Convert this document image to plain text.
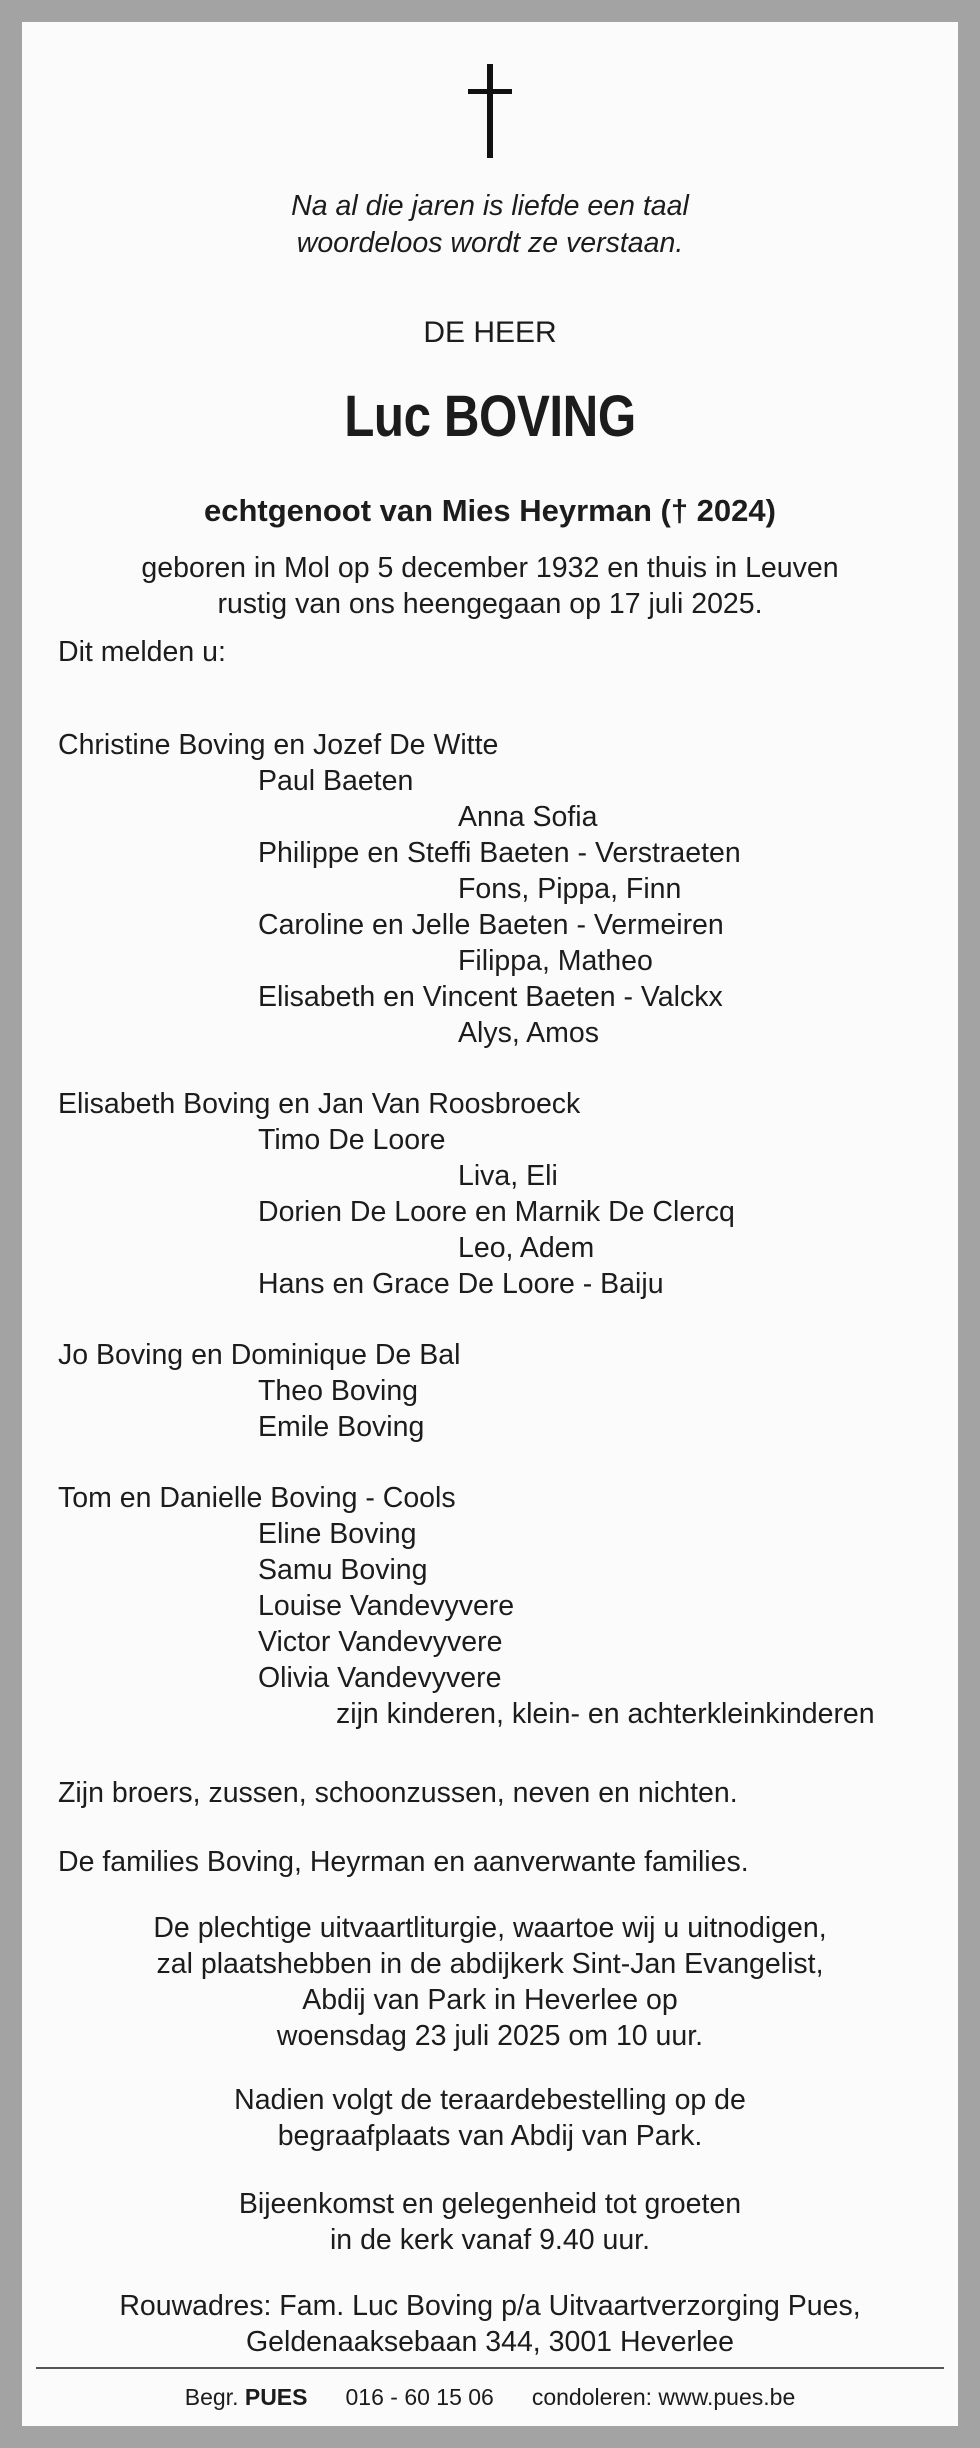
Na al die jaren is liefde een taal
woordeloos wordt ze verstaan.
DE HEER
Luc BOVING
echtgenoot van Mies Heyrman († 2024)
geboren in Mol op 5 december 1932 en thuis in Leuven
rustig van ons heengegaan op 17 juli 2025.
Dit melden u:
Christine Boving en Jozef De Witte
Paul Baeten
Anna Sofia
Philippe en Steffi Baeten - Verstraeten
Fons, Pippa, Finn
Caroline en Jelle Baeten - Vermeiren
Filippa, Matheo
Elisabeth en Vincent Baeten - Valckx
Alys, Amos
Elisabeth Boving en Jan Van Roosbroeck
Timo De Loore
Liva, Eli
Dorien De Loore en Marnik De Clercq
Leo, Adem
Hans en Grace De Loore - Baiju
Jo Boving en Dominique De Bal
Theo Boving
Emile Boving
Tom en Danielle Boving - Cools
Eline Boving
Samu Boving
Louise Vandevyvere
Victor Vandevyvere
Olivia Vandevyvere
zijn kinderen, klein- en achterkleinkinderen
Zijn broers, zussen, schoonzussen, neven en nichten.
De families Boving, Heyrman en aanverwante families.
De plechtige uitvaartliturgie, waartoe wij u uitnodigen,
zal plaatshebben in de abdijkerk Sint-Jan Evangelist,
Abdij van Park in Heverlee op
woensdag 23 juli 2025 om 10 uur.
Nadien volgt de teraardebestelling op de
begraafplaats van Abdij van Park.
Bijeenkomst en gelegenheid tot groeten
in de kerk vanaf 9.40 uur.
Rouwadres: Fam. Luc Boving p/a Uitvaartverzorging Pues,
Geldenaaksebaan 344, 3001 Heverlee
Begr. PUES 016 - 60 15 06 condoleren: www.pues.be
